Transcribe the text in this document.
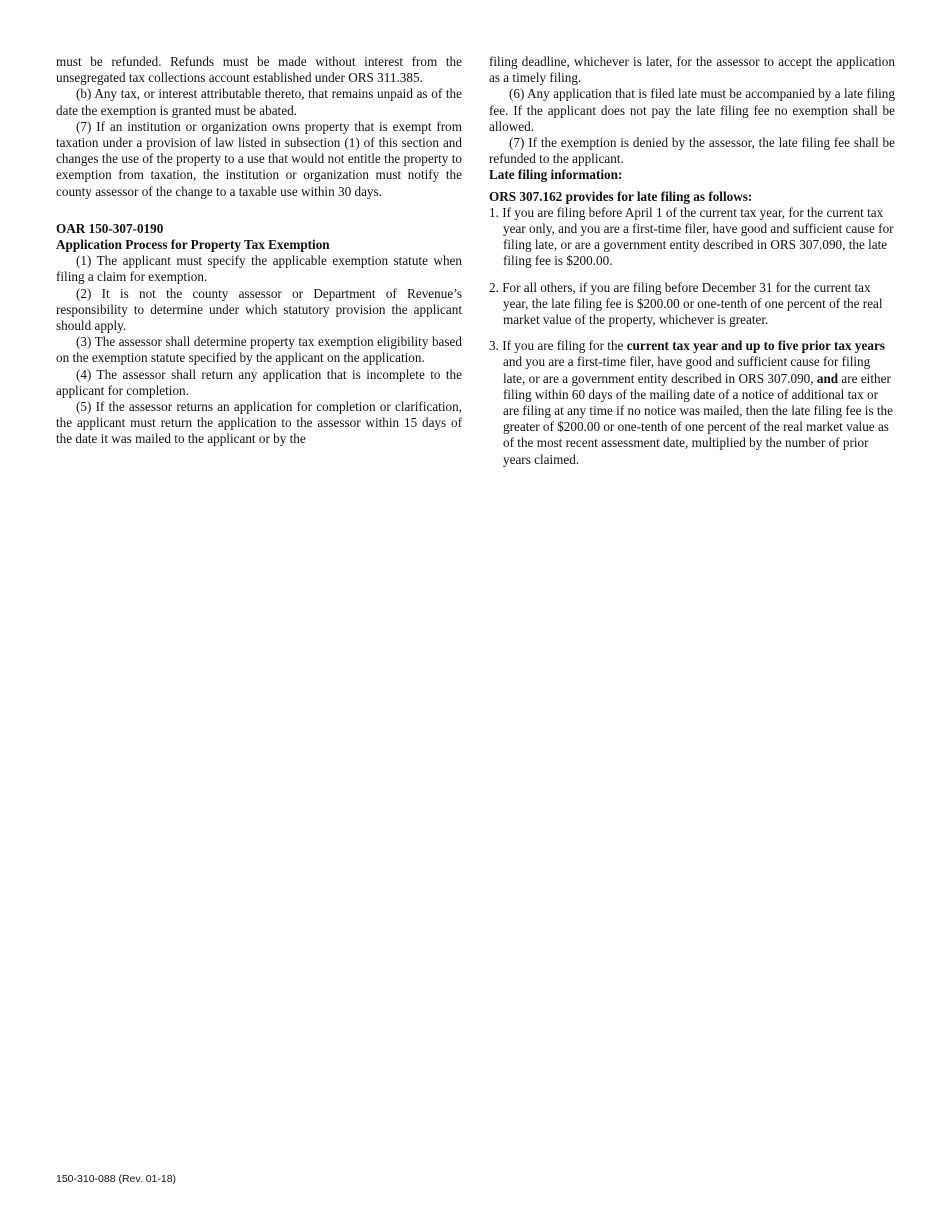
must be refunded. Refunds must be made without interest from the unsegregated tax collections account established under ORS 311.385.

(b) Any tax, or interest attributable thereto, that remains unpaid as of the date the exemption is granted must be abated.

(7) If an institution or organization owns property that is exempt from taxation under a provision of law listed in subsection (1) of this section and changes the use of the property to a use that would not entitle the property to exemption from taxation, the institution or organization must notify the county assessor of the change to a taxable use within 30 days.

OAR 150-307-0190

Application Process for Property Tax Exemption

(1) The applicant must specify the applicable exemption statute when filing a claim for exemption.

(2) It is not the county assessor or Department of Revenue’s responsibility to determine under which statutory provision the applicant should apply.

(3) The assessor shall determine property tax exemption eligibility based on the exemption statute specified by the applicant on the application.

(4) The assessor shall return any application that is incomplete to the applicant for completion.

(5) If the assessor returns an application for completion or clarification, the applicant must return the application to the assessor within 15 days of the date it was mailed to the applicant or by the

filing deadline, whichever is later, for the assessor to accept the application as a timely filing.

(6) Any application that is filed late must be accompanied by a late filing fee. If the applicant does not pay the late filing fee no exemption shall be allowed.

(7) If the exemption is denied by the assessor, the late filing fee shall be refunded to the applicant.

Late filing information:

ORS 307.162 provides for late filing as follows:

1. If you are filing before April 1 of the current tax year, for the current tax year only, and you are a first-time filer, have good and sufficient cause for filing late, or are a government entity described in ORS 307.090, the late filing fee is $200.00.
2. For all others, if you are filing before December 31 for the current tax year, the late filing fee is $200.00 or one-tenth of one percent of the real market value of the property, whichever is greater.
3. If you are filing for the current tax year and up to five prior tax years and you are a first-time filer, have good and sufficient cause for filing late, or are a government entity described in ORS 307.090, and are either filing within 60 days of the mailing date of a notice of additional tax or are filing at any time if no notice was mailed, then the late filing fee is the greater of $200.00 or one-tenth of one percent of the real market value as of the most recent assessment date, multiplied by the number of prior years claimed.
150-310-088 (Rev. 01-18)
